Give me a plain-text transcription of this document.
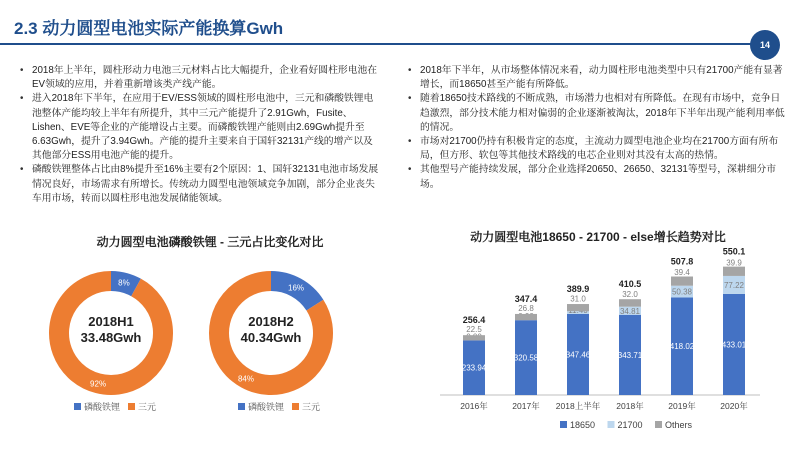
2.3 动力圆型电池实际产能换算Gwh
14
• 2018年上半年，圆柱形动力电池三元材料占比大幅提升，企业看好圆柱形电池在EV领域的应用，并着重新增该类产线产能。
• 进入2018年下半年，在应用于EV/ESS领域的圆柱形电池中，三元和磷酸铁锂电池整体产能均较上半年有所提升，其中三元产能提升了2.91Gwh，Fusite、Lishen、EVE等企业的产能增设占主要。而磷酸铁锂产能则由2.69Gwh提升至6.63Gwh，提升了3.94Gwh。产能的提升主要来自于国轩32131产线的增产以及其他部分ESS用电池产能的提升。
• 磷酸铁锂整体占比由8%提升至16%主要有2个原因：1、国轩32131电池市场发展情况良好，市场需求有所增长。传统动力圆型电池领域竞争加剧，部分企业丧失车用市场，转而以圆柱形电池发展储能领域。
• 2018年下半年，从市场整体情况来看，动力圆柱形电池类型中只有21700产能有显著增长，而18650甚至产能有所降低。
• 随着18650技术路线的不断成熟，市场潜力也相对有所降低。在现有市场中，竞争日趋激烈，部分技术能力相对偏弱的企业逐渐被淘汰，2018年下半年出现产能利用率低的情况。
• 市场对21700仍持有积极肯定的态度，主流动力圆型电池企业均在21700方面有所布局，但方形、软包等其他技术路线的电芯企业则对其没有太高的热情。
• 其他型号产能持续发展，部分企业选择20650、26650、32131等型号，深耕细分市场。
动力圆型电池磷酸铁锂 - 三元占比变化对比
8%
92%
2018H1
33.48Gwh
16%
84%
2018H2
40.34Gwh
磷酸铁锂 三元	磷酸铁锂 三元
动力圆型电池18650 - 21700 - else增长趋势对比
233.94
22.5
256.4
2016年
320.58
26.8
347.4
2017年
347.46
31.0
389.9
2018上半年
343.71
34.81
32.0
410.5
2018年
418.02
50.38
39.4
507.8
2019年
433.01
77.22
39.9
550.1
2020年
18650 21700 Others
